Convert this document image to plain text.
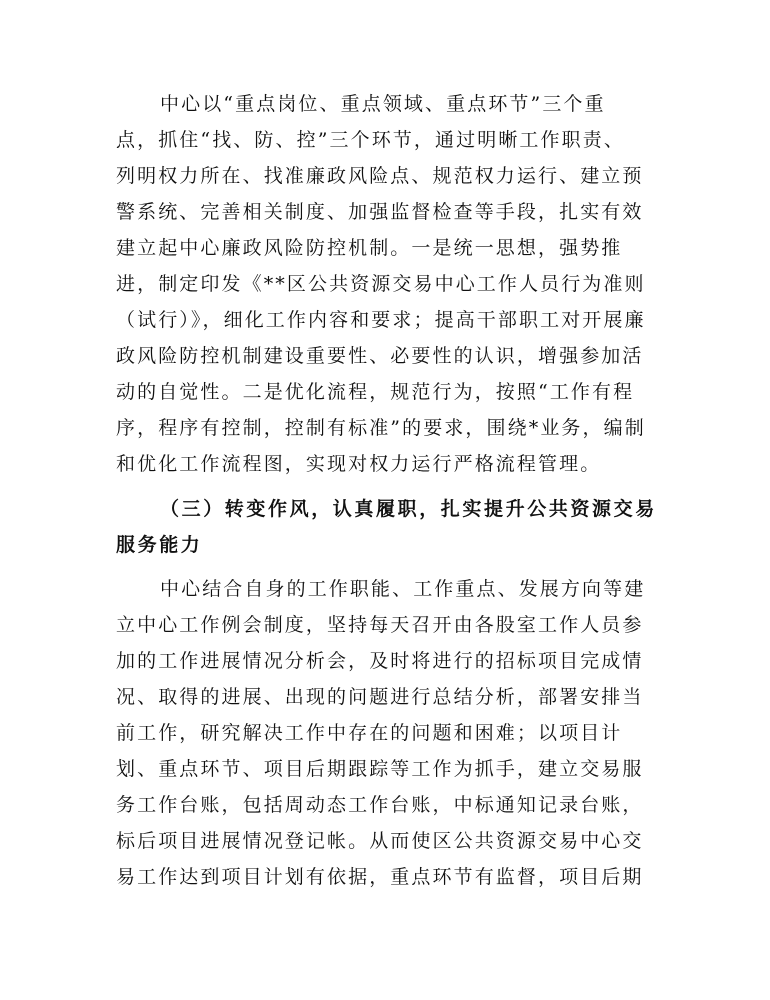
中心以“重点岗位、重点领域、重点环节”三个重
点，抓住“找、防、控”三个环节，通过明晰工作职责、
列明权力所在、找准廉政风险点、规范权力运行、建立预
警系统、完善相关制度、加强监督检查等手段，扎实有效
建立起中心廉政风险防控机制。一是统一思想，强势推
进，制定印发《**区公共资源交易中心工作人员行为准则
（试行）》，细化工作内容和要求；提高干部职工对开展廉
政风险防控机制建设重要性、必要性的认识，增强参加活
动的自觉性。二是优化流程，规范行为，按照“工作有程
序，程序有控制，控制有标准”的要求，围绕*业务，编制
和优化工作流程图，实现对权力运行严格流程管理。
（三）转变作风，认真履职，扎实提升公共资源交易
服务能力
中心结合自身的工作职能、工作重点、发展方向等建
立中心工作例会制度，坚持每天召开由各股室工作人员参
加的工作进展情况分析会，及时将进行的招标项目完成情
况、取得的进展、出现的问题进行总结分析，部署安排当
前工作，研究解决工作中存在的问题和困难；以项目计
划、重点环节、项目后期跟踪等工作为抓手，建立交易服
务工作台账，包括周动态工作台账，中标通知记录台账，
标后项目进展情况登记帐。从而使区公共资源交易中心交
易工作达到项目计划有依据，重点环节有监督，项目后期
